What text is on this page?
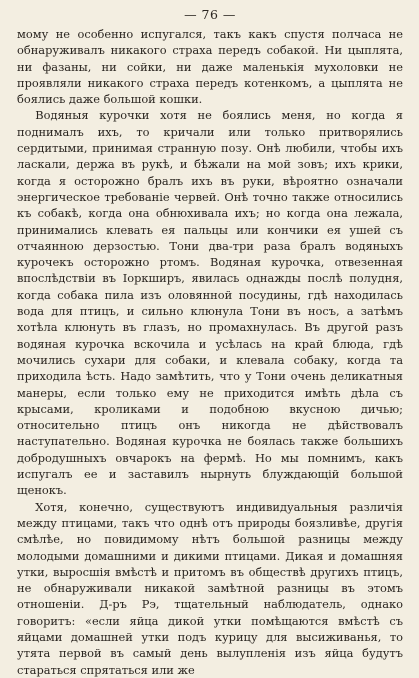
— 76 —

мому не особенно испугался, такъ какъ спустя полчаса не обнаруживалъ никакого страха передъ собакой. Ни цыплята, ни фазаны, ни сойки, ни даже маленькія мухоловки не проявляли никакого страха передъ котенкомъ, а цыплята не боялись даже большой кошки.

Водяныя курочки хотя не боялись меня, но когда я поднималъ ихъ, то кричали или только притворялись сердитыми, принимая странную позу. Онѣ любили, чтобы ихъ ласкали, держа въ рукѣ, и бѣжали на мой зовъ; ихъ крики, когда я осторожно бралъ ихъ въ руки, вѣроятно означали энергическое требованіе червей. Онѣ точно также относились къ собакѣ, когда она обнюхивала ихъ; но когда она лежала, принимались клевать ея пальцы или кончики ея ушей съ отчаянною дерзостью. Тони два-три раза бралъ водяныхъ курочекъ осторожно ртомъ. Водяная курочка, отвезенная впослѣдствіи въ Іоркширъ, явилась однажды послѣ полудня, когда собака пила изъ оловянной посудины, гдѣ находилась вода для птицъ, и сильно клюнула Тони въ носъ, а затѣмъ хотѣла клюнуть въ глазъ, но промахнулась. Въ другой разъ водяная курочка вскочила и усѣлась на край блюда, гдѣ мочились сухари для собаки, и клевала собаку, когда та приходила ѣсть. Надо замѣтить, что у Тони очень деликатныя манеры, если только ему не приходится имѣть дѣла съ крысами, кроликами и подобною вкусною дичью; относительно птицъ онъ никогда не дѣйствовалъ наступательно. Водяная курочка не боялась также большихъ добродушныхъ овчарокъ на фермѣ. Но мы помнимъ, какъ испугалъ ее и заставилъ нырнуть блуждающій большой щенокъ.

Хотя, конечно, существуютъ индивидуальныя различія между птицами, такъ что однѣ отъ природы боязливѣе, другія смѣлѣе, но повидимому нѣтъ большой разницы между молодыми домашними и дикими птицами. Дикая и домашняя утки, выросшія вмѣстѣ и притомъ въ обществѣ другихъ птицъ, не обнаруживали никакой замѣтной разницы въ этомъ отношеніи. Д-ръ Рэ, тщательный наблюдатель, однако говоритъ: «если яйца дикой утки помѣщаются вмѣстѣ съ яйцами домашней утки подъ курицу для высиживанья, то утята первой въ самый день вылупленія изъ яйца будутъ стараться спрятаться или же
